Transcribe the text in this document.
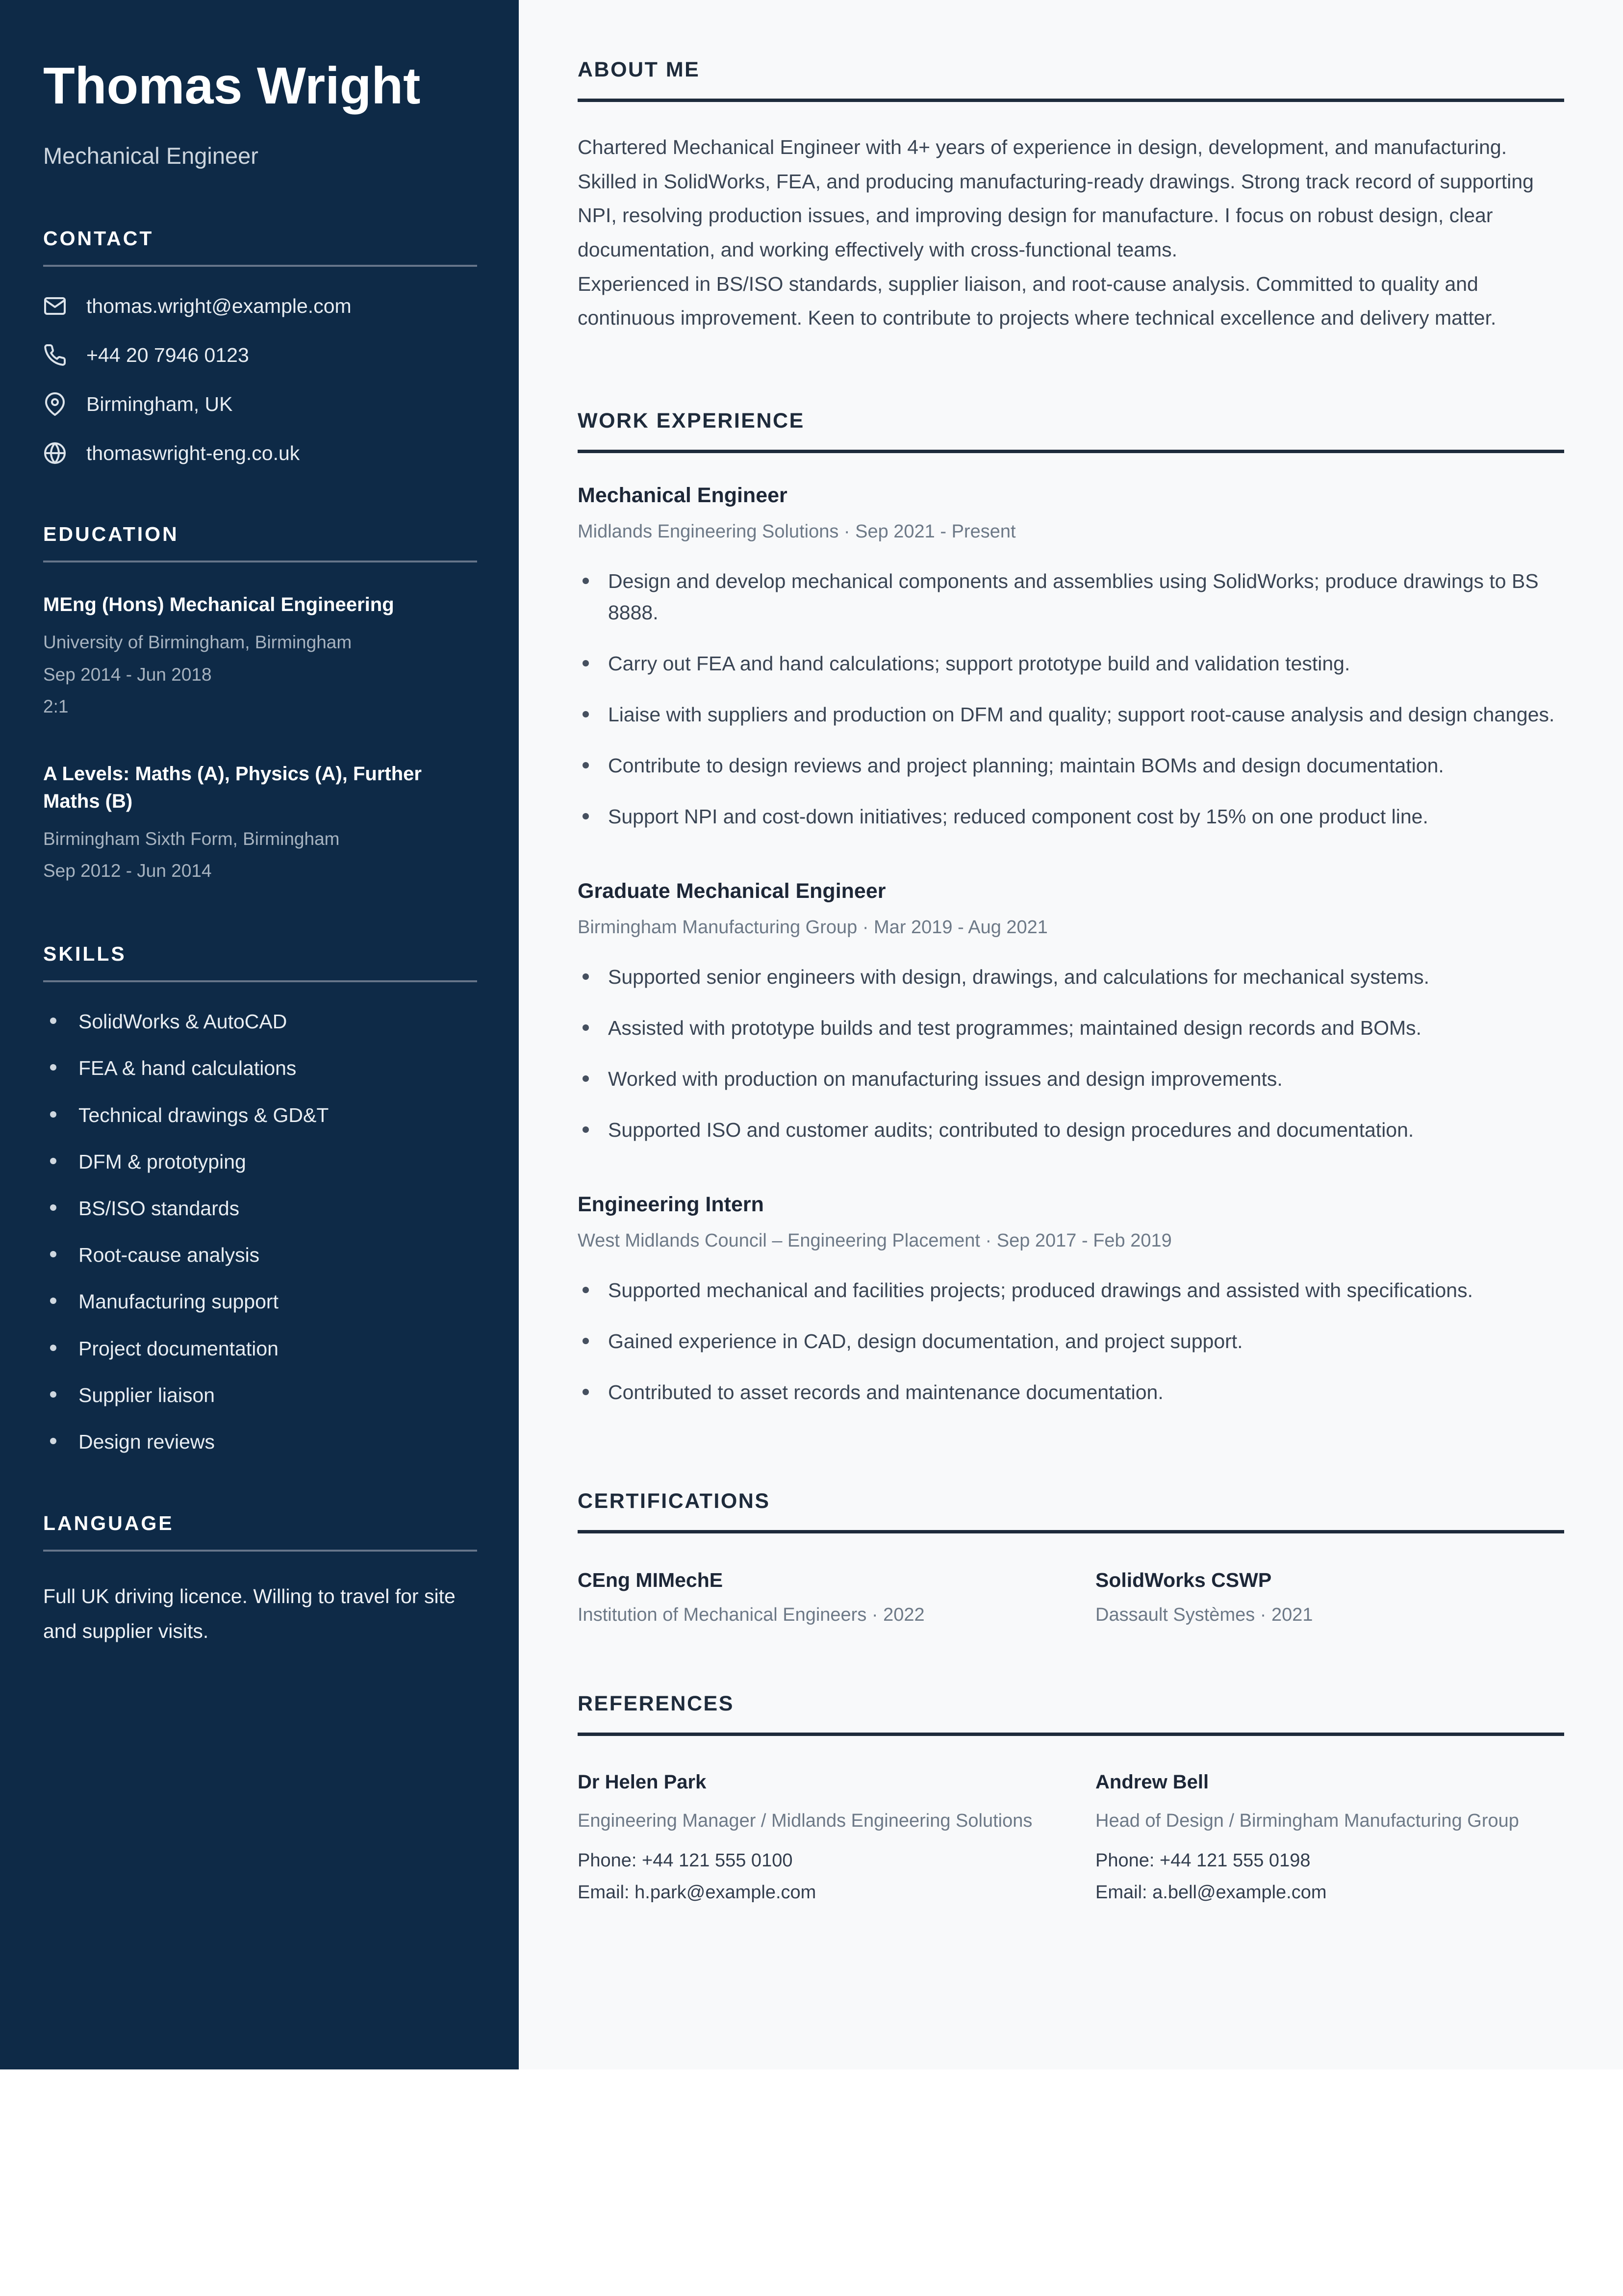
Thomas Wright
Mechanical Engineer
CONTACT
thomas.wright@example.com
+44 20 7946 0123
Birmingham, UK
thomaswright-eng.co.uk
EDUCATION
MEng (Hons) Mechanical Engineering

University of Birmingham, Birmingham

Sep 2014 - Jun 2018

2:1

A Levels: Maths (A), Physics (A), Further Maths (B)

Birmingham Sixth Form, Birmingham

Sep 2012 - Jun 2014

SKILLS
SolidWorks & AutoCAD
FEA & hand calculations
Technical drawings & GD&T
DFM & prototyping
BS/ISO standards
Root-cause analysis
Manufacturing support
Project documentation
Supplier liaison
Design reviews
LANGUAGE

Full UK driving licence. Willing to travel for site and supplier visits.

ABOUT ME

Chartered Mechanical Engineer with 4+ years of experience in design, development, and manufacturing. Skilled in SolidWorks, FEA, and producing manufacturing-ready drawings. Strong track record of supporting NPI, resolving production issues, and improving design for manufacture. I focus on robust design, clear documentation, and working effectively with cross-functional teams.

Experienced in BS/ISO standards, supplier liaison, and root-cause analysis. Committed to quality and continuous improvement. Keen to contribute to projects where technical excellence and delivery matter.

WORK EXPERIENCE
Mechanical Engineer

Midlands Engineering Solutions · Sep 2021 - Present

Design and develop mechanical components and assemblies using SolidWorks; produce drawings to BS 8888.
Carry out FEA and hand calculations; support prototype build and validation testing.
Liaise with suppliers and production on DFM and quality; support root-cause analysis and design changes.
Contribute to design reviews and project planning; maintain BOMs and design documentation.
Support NPI and cost-down initiatives; reduced component cost by 15% on one product line.
Graduate Mechanical Engineer

Birmingham Manufacturing Group · Mar 2019 - Aug 2021

Supported senior engineers with design, drawings, and calculations for mechanical systems.
Assisted with prototype builds and test programmes; maintained design records and BOMs.
Worked with production on manufacturing issues and design improvements.
Supported ISO and customer audits; contributed to design procedures and documentation.
Engineering Intern

West Midlands Council – Engineering Placement · Sep 2017 - Feb 2019

Supported mechanical and facilities projects; produced drawings and assisted with specifications.
Gained experience in CAD, design documentation, and project support.
Contributed to asset records and maintenance documentation.
CERTIFICATIONS
CEng MIMechE

Institution of Mechanical Engineers · 2022

SolidWorks CSWP

Dassault Systèmes · 2021

REFERENCES
Dr Helen Park

Engineering Manager / Midlands Engineering Solutions

Phone: +44 121 555 0100

Email: h.park@example.com

Andrew Bell

Head of Design / Birmingham Manufacturing Group

Phone: +44 121 555 0198

Email: a.bell@example.com
